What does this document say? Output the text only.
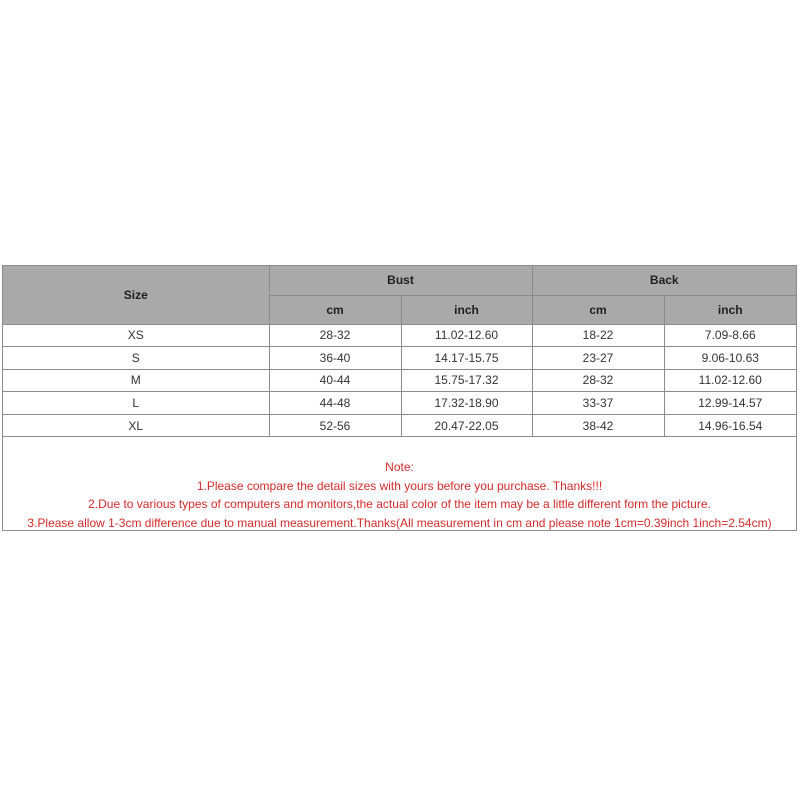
Size	Bust		Back	
	cm	inch	cm	inch
XS	28-32	11.02-12.60	18-22	7.09-8.66
S	36-40	14.17-15.75	23-27	9.06-10.63
M	40-44	15.75-17.32	28-32	11.02-12.60
L	44-48	17.32-18.90	33-37	12.99-14.57
XL	52-56	20.47-22.05	38-42	14.96-16.54
Note:
1.Please compare the detail sizes with yours before you purchase. Thanks!!!
2.Due to various types of computers and monitors,the actual color of the item may be a little different form the picture.
3.Please allow 1-3cm difference due to manual measurement.Thanks(All measurement in cm and please note 1cm=0.39inch 1inch=2.54cm)
